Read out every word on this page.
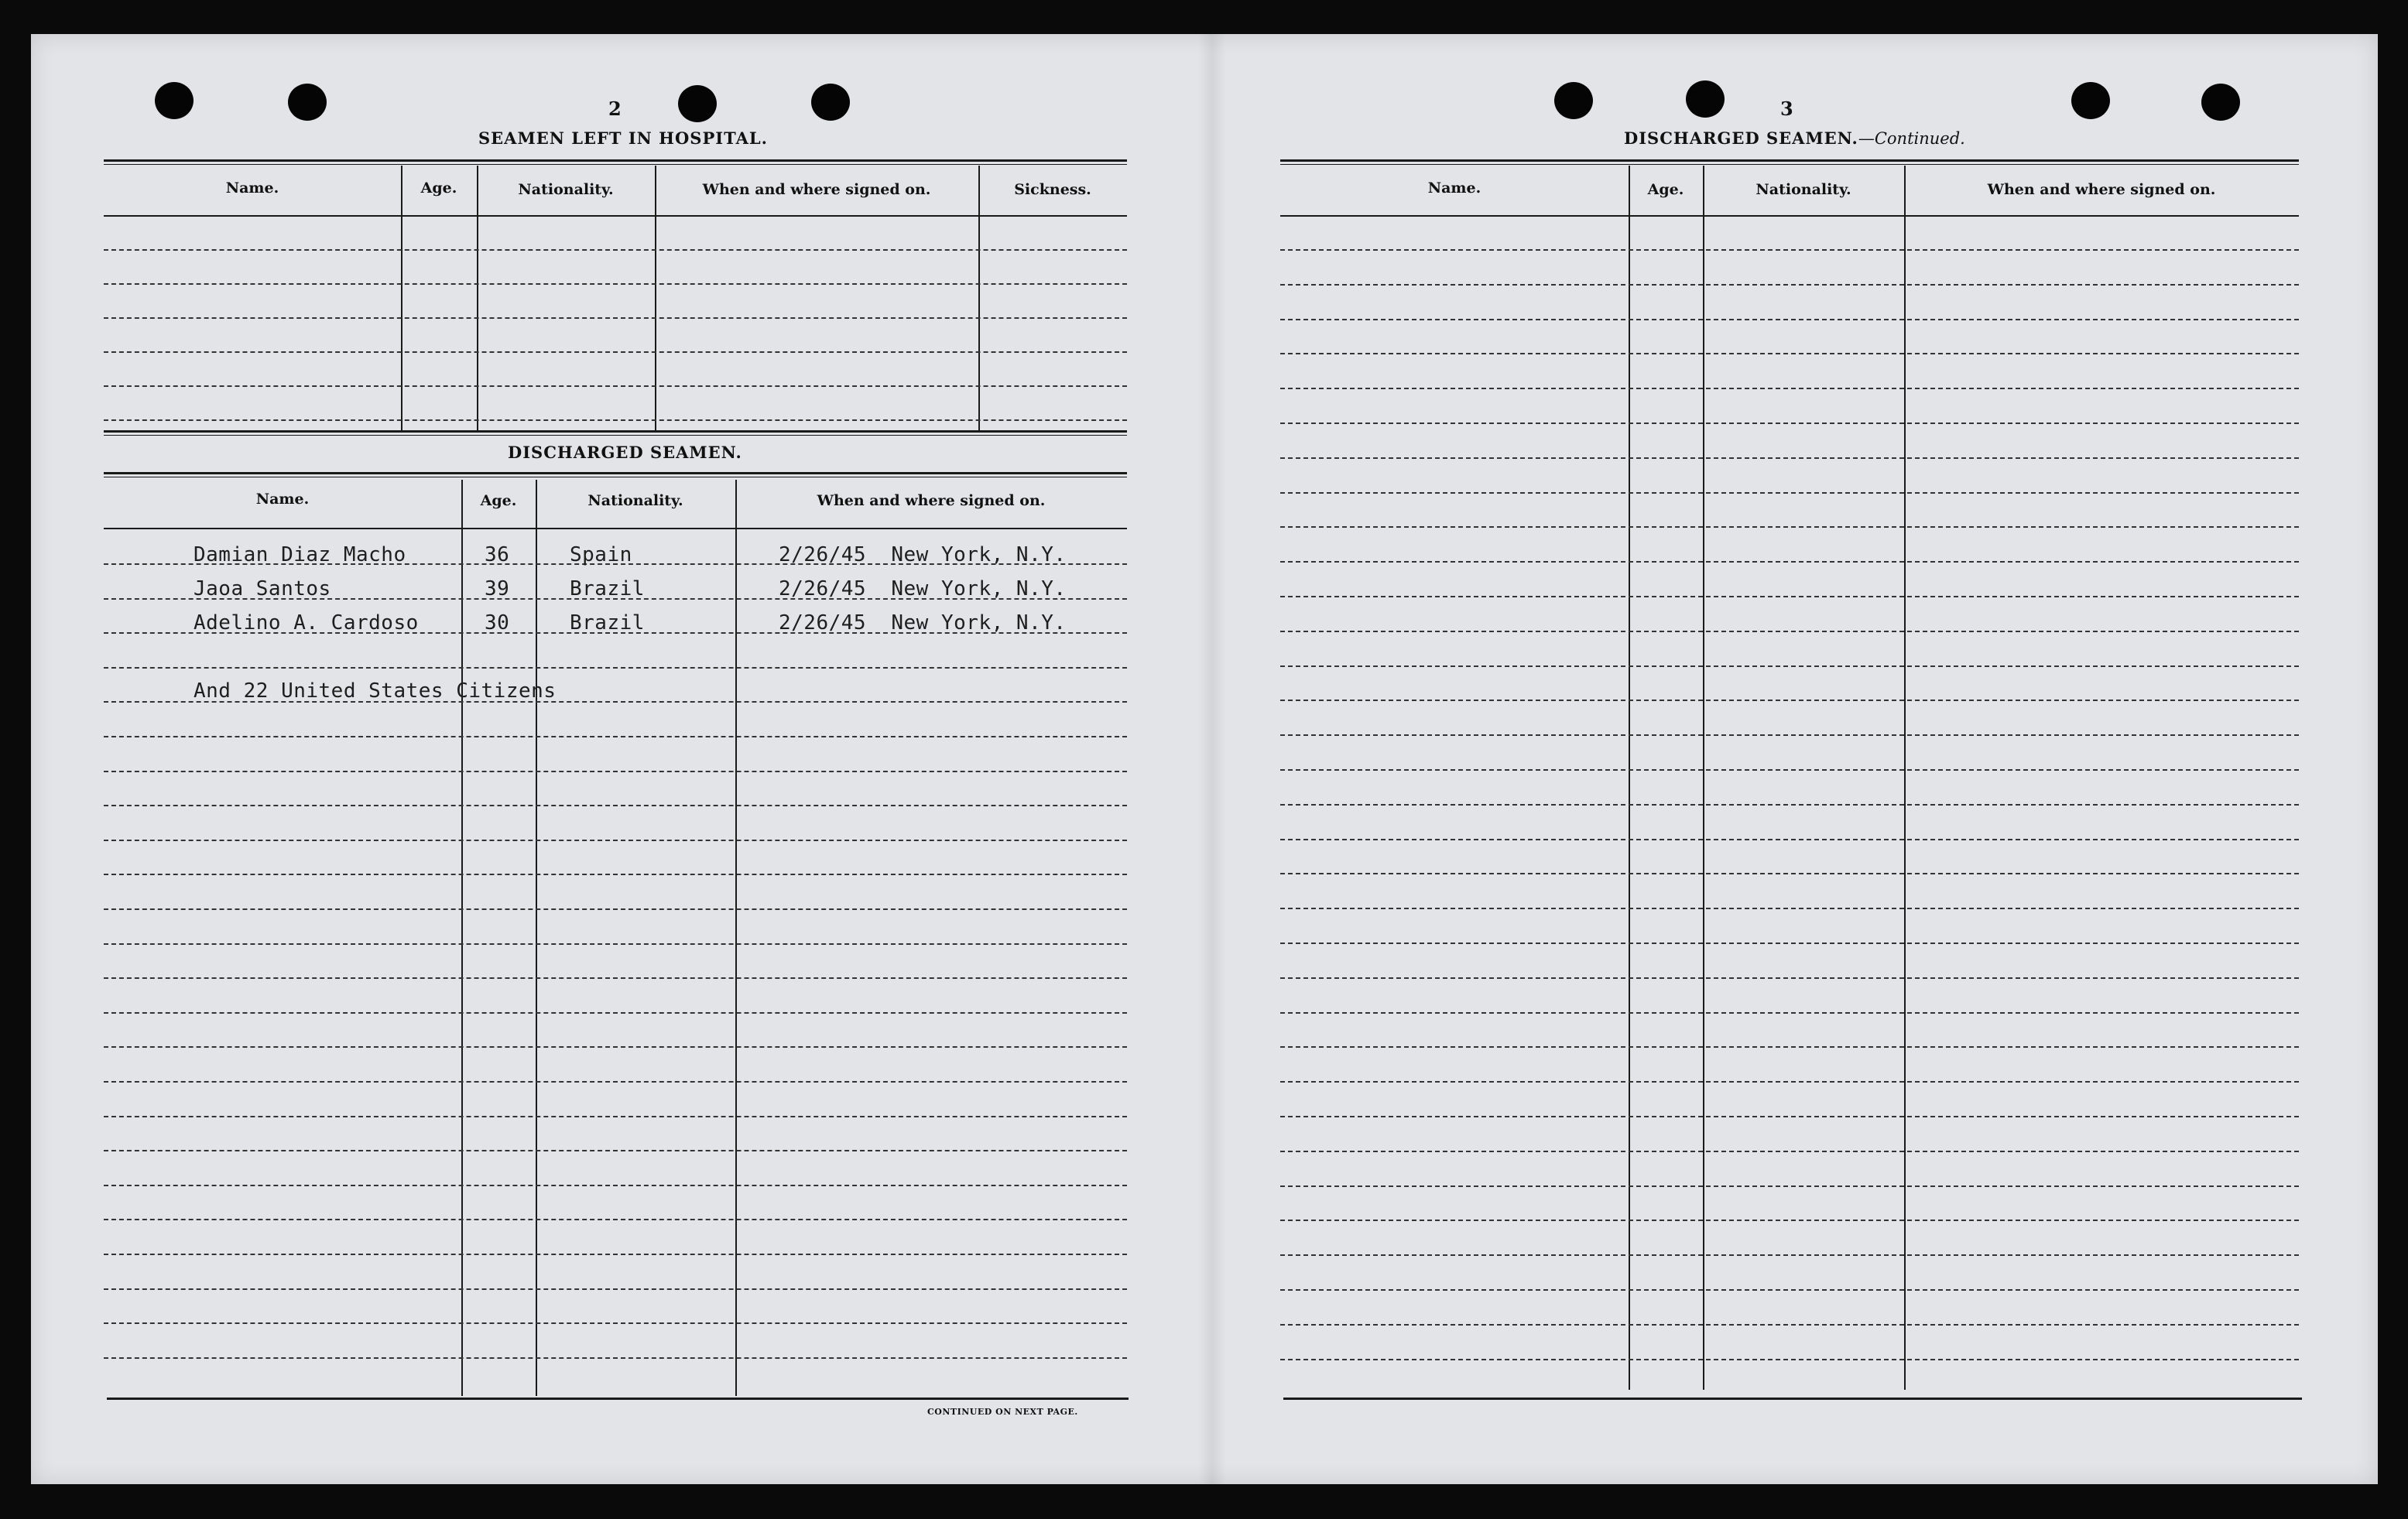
2
SEAMEN LEFT IN HOSPITAL.
Name.	Age.	Nationality.	When and where signed on.	Sickness.
DISCHARGED SEAMEN.
Name.	Age.	Nationality.	When and where signed on.
Damian Diaz Macho	36	Spain	2/26/45  New York, N.Y.
Jaoa Santos	39	Brazil	2/26/45  New York, N.Y.
Adelino A. Cardoso	30	Brazil	2/26/45  New York, N.Y.
And 22 United States Citizens
CONTINUED ON NEXT PAGE.
3
DISCHARGED SEAMEN.—Continued.
Name.	Age.	Nationality.	When and where signed on.
